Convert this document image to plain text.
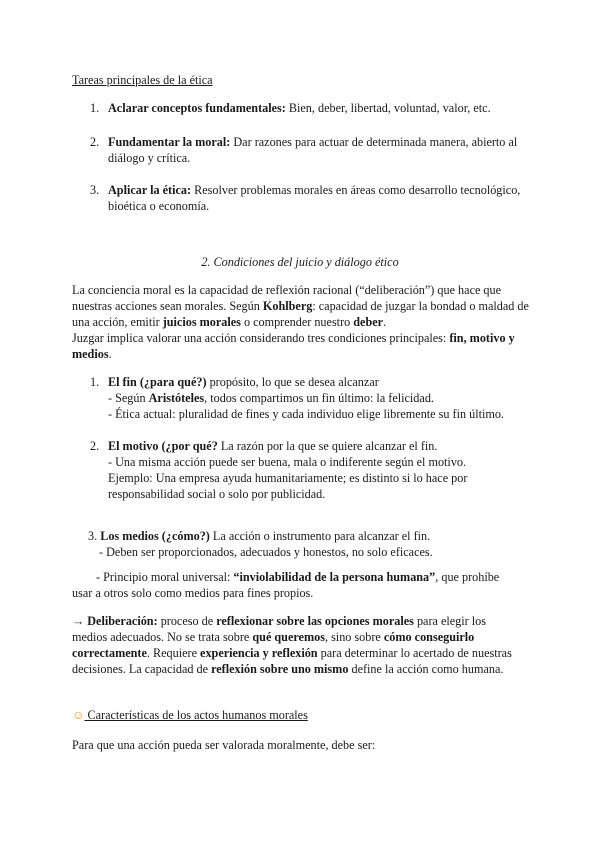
Tareas principales de la ética

1. Aclarar conceptos fundamentales: Bien, deber, libertad, voluntad, valor, etc.

2. Fundamentar la moral: Dar razones para actuar de determinada manera, abierto al

diálogo y crítica.

3. Aplicar la ética: Resolver problemas morales en áreas como desarrollo tecnológico,

bioética o economía.

2. Condiciones del juicio y diálogo ético

La conciencia moral es la capacidad de reflexión racional (“deliberación”) que hace que

nuestras acciones sean morales. Según Kohlberg: capacidad de juzgar la bondad o maldad de

una acción, emitir juicios morales o comprender nuestro deber.

Juzgar implica valorar una acción considerando tres condiciones principales: fin, motivo y

medios.

1. El fin (¿para qué?) propósito, lo que se desea alcanzar

- Según Aristóteles, todos compartimos un fin último: la felicidad.

- Ética actual: pluralidad de fines y cada individuo elige libremente su fin último.

2. El motivo (¿por qué? La razón por la que se quiere alcanzar el fin.

- Una misma acción puede ser buena, mala o indiferente según el motivo.

Ejemplo: Una empresa ayuda humanitariamente; es distinto si lo hace por

responsabilidad social o solo por publicidad.

3. Los medios (¿cómo?) La acción o instrumento para alcanzar el fin.

- Deben ser proporcionados, adecuados y honestos, no solo eficaces.

- Principio moral universal: “inviolabilidad de la persona humana”, que prohíbe

usar a otros solo como medios para fines propios.

→ Deliberación: proceso de reflexionar sobre las opciones morales para elegir los

medios adecuados. No se trata sobre qué queremos, sino sobre cómo conseguirlo

correctamente. Requiere experiencia y reflexión para determinar lo acertado de nuestras

decisiones. La capacidad de reflexión sobre uno mismo define la acción como humana.

☺ Características de los actos humanos morales

Para que una acción pueda ser valorada moralmente, debe ser:
